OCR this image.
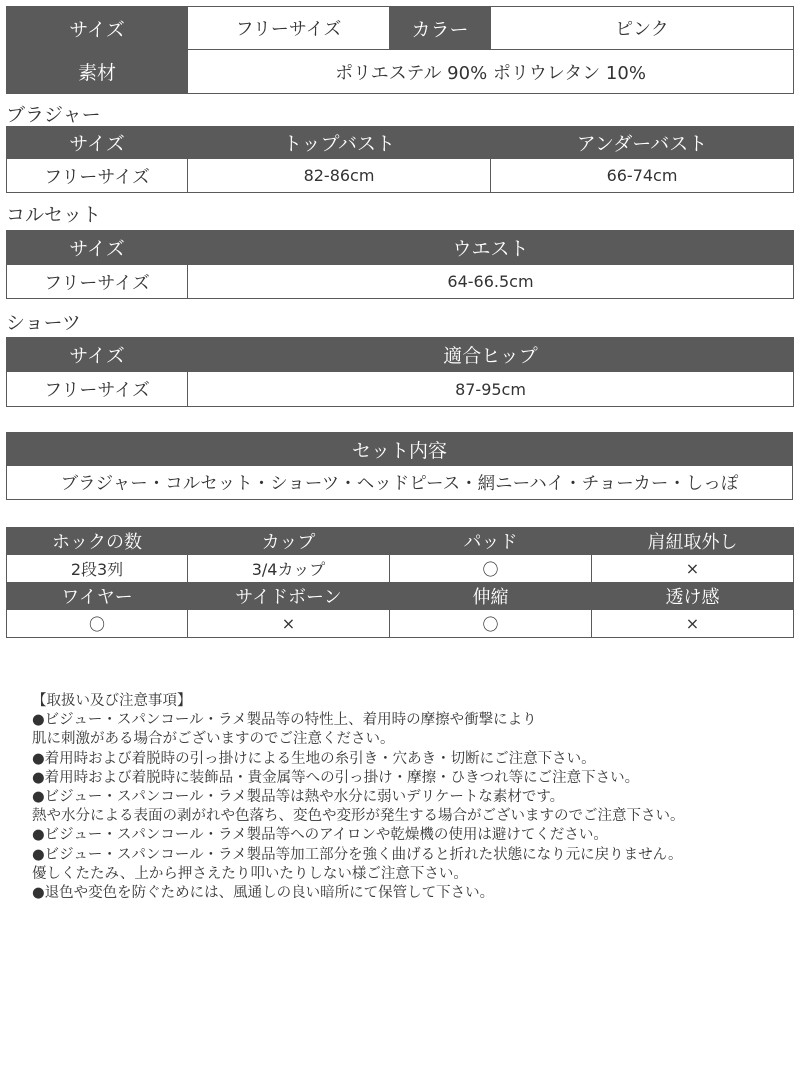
サイズ	フリーサイズ	カラー	ピンク
素材	ポリエステル 90% ポリウレタン 10%		
ブラジャー
サイズ	トップバスト	アンダーバスト
フリーサイズ	82-86cm	66-74cm
コルセット
サイズ	ウエスト
フリーサイズ	64-66.5cm
ショーツ
サイズ	適合ヒップ
フリーサイズ	87-95cm
セット内容
ブラジャー・コルセット・ショーツ・ヘッドピース・網ニーハイ・チョーカー・しっぽ
ホックの数	カップ	パッド	肩紐取外し
2段3列	3/4カップ	〇	×
ワイヤー	サイドボーン	伸縮	透け感
〇	×	〇	×
【取扱い及び注意事項】
●ビジュー・スパンコール・ラメ製品等の特性上、着用時の摩擦や衝撃により
肌に刺激がある場合がございますのでご注意ください。
●着用時および着脱時の引っ掛けによる生地の糸引き・穴あき・切断にご注意下さい。
●着用時および着脱時に装飾品・貴金属等への引っ掛け・摩擦・ひきつれ等にご注意下さい。
●ビジュー・スパンコール・ラメ製品等は熱や水分に弱いデリケートな素材です。
熱や水分による表面の剥がれや色落ち、変色や変形が発生する場合がございますのでご注意下さい。
●ビジュー・スパンコール・ラメ製品等へのアイロンや乾燥機の使用は避けてください。
●ビジュー・スパンコール・ラメ製品等加工部分を強く曲げると折れた状態になり元に戻りません。
優しくたたみ、上から押さえたり叩いたりしない様ご注意下さい。
●退色や変色を防ぐためには、風通しの良い暗所にて保管して下さい。
